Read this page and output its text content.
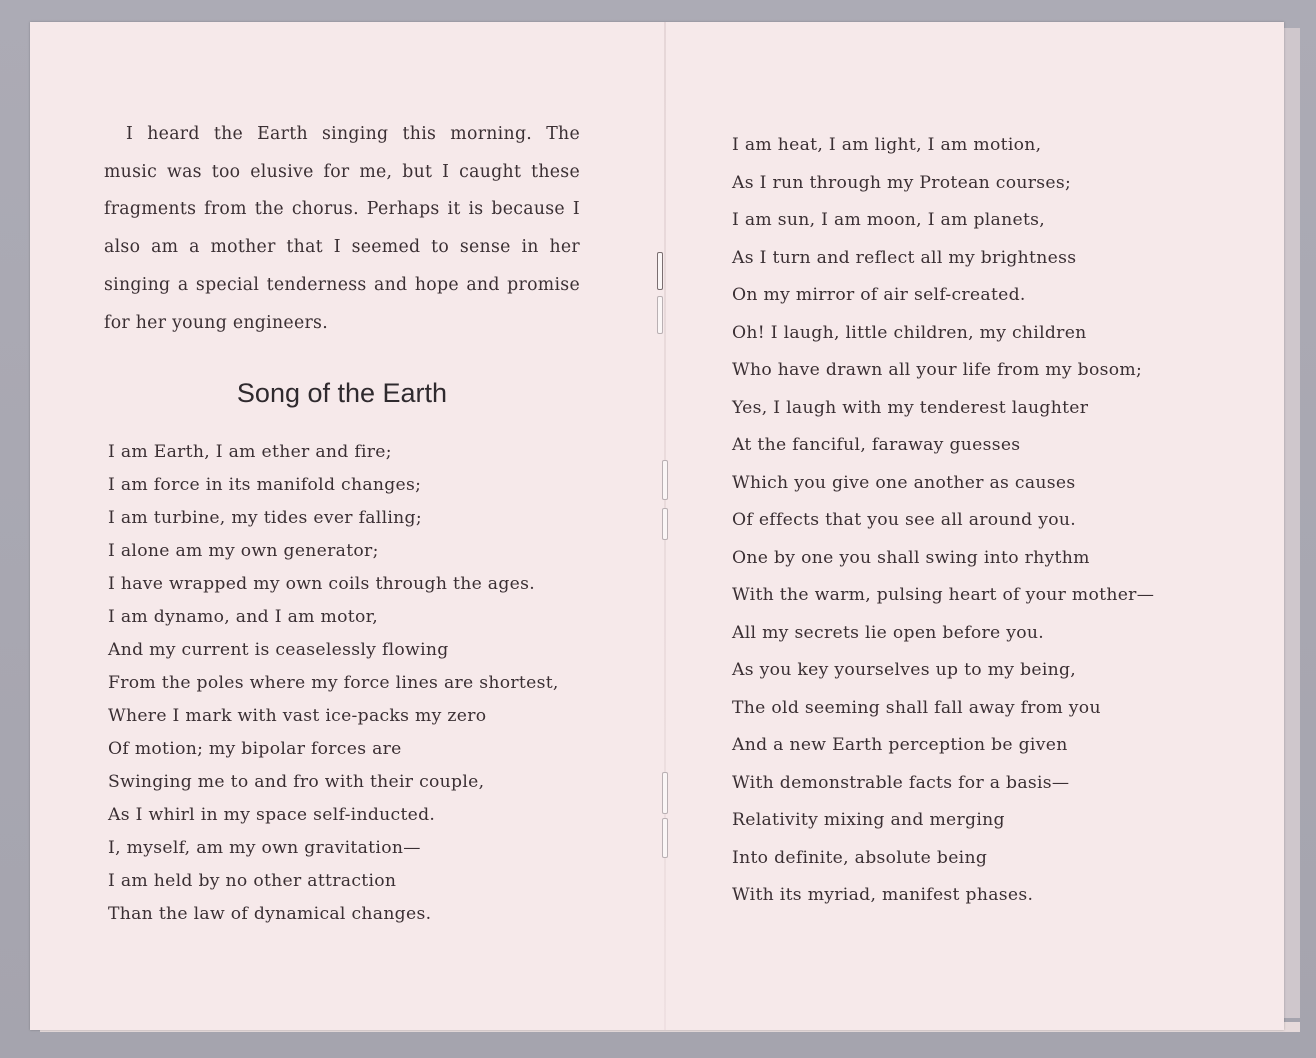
I heard the Earth singing this morning. The music was too elusive for me, but I caught these fragments from the chorus. Perhaps it is because I also am a mother that I seemed to sense in her singing a special tenderness and hope and promise for her young engineers.

Song of the Earth
I am Earth, I am ether and fire;
I am force in its manifold changes;
I am turbine, my tides ever falling;
I alone am my own generator;
I have wrapped my own coils through the ages.
I am dynamo, and I am motor,
And my current is ceaselessly flowing
From the poles where my force lines are shortest,
Where I mark with vast ice-packs my zero
Of motion; my bipolar forces are
Swinging me to and fro with their couple,
As I whirl in my space self-inducted.
I, myself, am my own gravitation—
I am held by no other attraction
Than the law of dynamical changes.
I am heat, I am light, I am motion,
As I run through my Protean courses;
I am sun, I am moon, I am planets,
As I turn and reflect all my brightness
On my mirror of air self-created.
Oh! I laugh, little children, my children
Who have drawn all your life from my bosom;
Yes, I laugh with my tenderest laughter
At the fanciful, faraway guesses
Which you give one another as causes
Of effects that you see all around you.
One by one you shall swing into rhythm
With the warm, pulsing heart of your mother—
All my secrets lie open before you.
As you key yourselves up to my being,
The old seeming shall fall away from you
And a new Earth perception be given
With demonstrable facts for a basis—
Relativity mixing and merging
Into definite, absolute being
With its myriad, manifest phases.
